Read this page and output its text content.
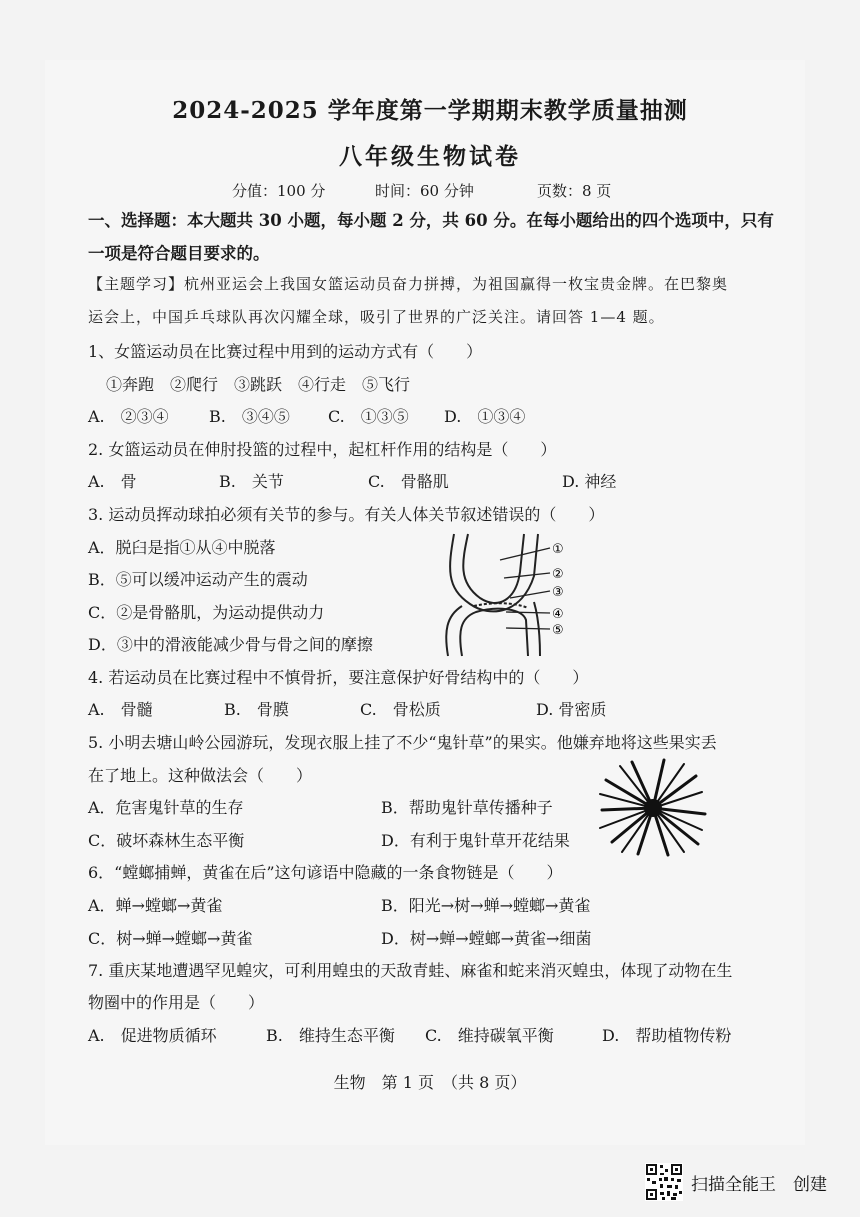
2024-2025 学年度第一学期期末教学质量抽测
八年级生物试卷
分值：100 分	时间：60 分钟	页数：8 页
一、选择题：本大题共 30 小题，每小题 2 分，共 60 分。在每小题给出的四个选项中，只有
一项是符合题目要求的。
【主题学习】杭州亚运会上我国女篮运动员奋力拼搏，为祖国赢得一枚宝贵金牌。在巴黎奥
运会上，中国乒乓球队再次闪耀全球，吸引了世界的广泛关注。请回答 1—4 题。
1、女篮运动员在比赛过程中用到的运动方式有（　　）
①奔跑　②爬行　③跳跃　④行走　⑤飞行
A.　②③④	B.　③④⑤ C.　①③⑤ D.　①③④
2. 女篮运动员在伸肘投篮的过程中，起杠杆作用的结构是（　　）
A.　骨	B.　关节	C.　骨骼肌	D. 神经
3. 运动员挥动球拍必须有关节的参与。有关人体关节叙述错误的（　　）
A．脱臼是指①从④中脱落
B．⑤可以缓冲运动产生的震动
C．②是骨骼肌，为运动提供动力
D．③中的滑液能减少骨与骨之间的摩擦
①
②
③
④
⑤
4. 若运动员在比赛过程中不慎骨折，要注意保护好骨结构中的（　　）
A.　骨髓	B.　骨膜	C.　骨松质	D. 骨密质
5. 小明去塘山岭公园游玩，发现衣服上挂了不少“鬼针草”的果实。他嫌弃地将这些果实丢
在了地上。这种做法会（　　）
A．危害鬼针草的生存	B．帮助鬼针草传播种子
C．破坏森林生态平衡	D．有利于鬼针草开花结果
6．“螳螂捕蝉，黄雀在后”这句谚语中隐藏的一条食物链是（　　）
A．蝉→螳螂→黄雀	B．阳光→树→蝉→螳螂→黄雀
C．树→蝉→螳螂→黄雀	D．树→蝉→螳螂→黄雀→细菌
7. 重庆某地遭遇罕见蝗灾，可利用蝗虫的天敌青蛙、麻雀和蛇来消灭蝗虫，体现了动物在生
物圈中的作用是（　　）
A.　促进物质循环	B.　维持生态平衡 C.　维持碳氧平衡	D.　帮助植物传粉
生物　第 1 页　（共 8 页）
扫描全能王　创建
